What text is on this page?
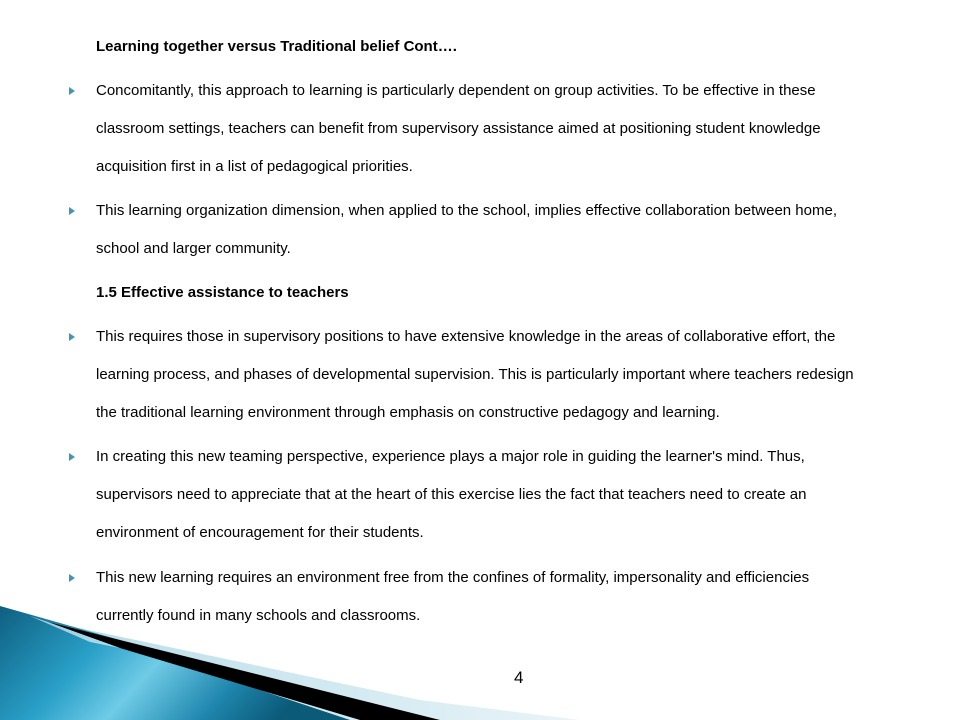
Learning together versus Traditional belief Cont….
Concomitantly, this approach to learning is particularly dependent on group activities. To be effective in these
classroom settings, teachers can benefit from supervisory assistance aimed at positioning student knowledge
acquisition first in a list of pedagogical priorities.
This learning organization dimension, when applied to the school, implies effective collaboration between home,
school and larger community.
1.5 Effective assistance to teachers
This requires those in supervisory positions to have extensive knowledge in the areas of collaborative effort, the
learning process, and phases of developmental supervision. This is particularly important where teachers redesign
the traditional learning environment through emphasis on constructive pedagogy and learning.
In creating this new teaming perspective, experience plays a major role in guiding the learner's mind. Thus,
supervisors need to appreciate that at the heart of this exercise lies the fact that teachers need to create an
environment of encouragement for their students.
This new learning requires an environment free from the confines of formality, impersonality and efficiencies
currently found in many schools and classrooms.
4
